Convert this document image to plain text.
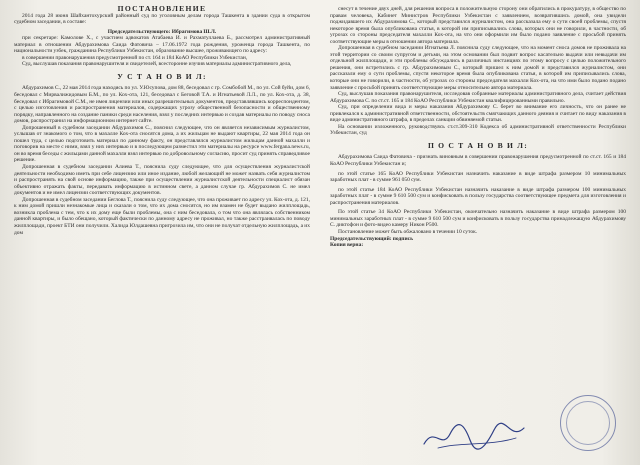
ПОСТАНОВЛЕНИЕ

2014 года 28 июня Шайхантохурский районный суд по уголовным делам города Ташкента в здании суда в открытом судебном заседании, в составе:

Председательствующего: Ибрагимова Ш.Л.

при секретаре: Камолове Х., с участием адвокатов Атабаева И. и Рахматуллаева Б., рассмотрел административный материал в отношении Абдурахимова Саида Фатовича – 17.06.1972 года рождения, уроженца города Ташкента, по национальности узбек, гражданина Республики Узбекистан, образование высшее, проживающего по адресу:

в совершении правонарушения предусмотренной по ст. 164 и 184 КоАО Республики Узбекистан,

Суд, выслушав показания правонарушителя и свидетелей, всесторонне изучив материалы административного дела,

У С Т А Н О В И Л:

Абдурахимов С., 22 мая 2014 года находясь по ул. У.Юсупова, дом 88, беседовал с гр. Сомбобой М., по ул. Сой буйи, дом 6, беседовал с Мирвалижидовым Б.М., по ул. Кох-ота, 121, беседовал с Беговой Т.А. и Игнатьевой Л.Л., по ул. Кох-ота, д. 38, беседовал с Ибрагимовой С.М., не имея лицензии или иных разрешительных документов, представлявшись корреспондентом, с целью изготовления и распространения материалов, содержащих угрозу общественной безопасности и общественному порядку, направленного на создание паники среди населения, взял у последних интервью и создав материалы по поводу сноса домов, распространил на информационном интернет сайте.

Допрошенный в судебном заседании Абдурахимов С., пояснил следующее, что он является независимым журналистом, услышав от знакомого о том, что в махалле Кох-ота сносятся дома, а их жильцам не выдают квартиры, 22 мая 2014 года он пошел туда, с целью подготовить материал по данному факту, он представлялся журналистом жильцам данной махалли и поговорив на месте с ними, взял у них интервью и в последующем разместил эти материалы на ресурсе www.fergana.news.ru, он во время беседы с жильцами данной махалли взял интервью по добровольному согласию, просит суд принять справедливое решение.

Допрошенная в судебном заседании Алиева Т., пояснила суду следующее, что для осуществления журналистской деятельности необходимо иметь при себе лицензию или иное издание, любой желающий не может назвать себя журналистом и распространять на свой основе информацию, также при осуществлении журналистской деятельности специалист обязан объективно отражать факты, передавать информацию в истинном свете, а данном случае гр. Абдурахимов С. не имел документов и не имел лицензии соответствующих документов.

Допрошенная в судебном заседании Беглова Т., пояснила суду следующее, что она проживает по адресу ул. Кох-ота, д. 121, к ним домой пришли незнакомые лица и сказали о том, что их дома сносятся, но им взамен не будет выдано жилплощадь, возникла проблема с тем, что к их дому еще были проблемы, она с ним беседовала, о том что она являлась собственником данной квартиры, и было обещано, который фактически по данному адресу не проживал, но также расстраивалась по поводу жилплощади, проект БТИ они получили. Халида Юлдашевна пригрозила им, что они не получат отдельную жилплощадь, а их дом

снесут в течение двух дней, для решения вопроса в положительную сторону они обратились в прокуратуру, в общество по правам человека, Кабинет Министров Республики Узбекистан с заявлением, возвратившись домой, она увидели поджидавшего их Абдурахимова С., который представился журналистом, она рассказала ему о сути своей проблемы, спустя некоторое время была опубликована статья, в которой им приписывались слова, которых они не говорили, в частности, об угрозах со стороны председателя махалли Кох-ота, на что они оформили им было подано заявление с просьбой принять соответствующие меры в отношении автора материала.

Допрошенная в судебном заседании Игнатьева Л. пояснила суду следующее, что на момент сноса домов не проживала на этой территории со своим супругом и детьми, на этом основании был подвит вопрос касательно выдачи или невыдачи им отдельной жилплощади, и эти проблемы обсуждались в различных инстанциях по этому вопросу с целью положительного решения, они встретились с гр. Абдурахимовым С., который пришел к ним домой и представился журналистом, они рассказали ему о сути проблемы, спустя некоторое время была опубликована статья, в которой им приписывались слова, которые они не говорили, в частности, об угрозах со стороны председателя махалли Кох-ота, на что ими было подано подано заявление с просьбой принять соответствующие меры относительно автора материала.

Суд, выслушав показания правонарушителя, исследовав собранные материалы административного дела, считает действия Абдурахимова С. по ст.ст. 165 и 184 КоАО Республики Узбекистан квалифицированными правильно.

Суд, при определении вида и меры наказания Абдурахимову С. берет во внимание его личность, что он ранее не привлекался к административной ответственности, обстоятельств смягчающих данного деяния и считает по виду наказания в виде административного штрафа, в пределах санкции обвиняемой статьи.

На основании изложенного, руководствуясь ст.ст.309-310 Кодекса об административной ответственности Республики Узбекистан, суд

П О С Т А Н О В И Л:

Абдурахимова Саида Фатовича - признать виновным в совершении правонарушения предусмотренной по ст.ст. 165 и 184 КоАО Республики Узбекистан и;

по этой статье 165 КоАО Республики Узбекистан назначить наказание в виде штрафа размером 10 минимальных заработных плат - в сумме 961 050 сум.

по этой статье 184 КоАО Республики Узбекистан назначить наказание в виде штрафа размером 100 минимальных заработных плат - в сумме 9 610 500 сум и конфисковать в пользу государства соответствующее предмета для изготовления и распространения материалов.

По этой статье 34 КоАО Республики Узбекистан, окончательно назначить наказание в виде штрафа размером 100 минимальных заработных плат - в сумме 9 610 500 сум и конфисковать в пользу государства принадлежащую Абдурахимову С. диктофон и фото-видео камеру Никон Р500.

Постановление может быть обжаловано в течении 10 суток.

Председательствующий: подпись

Копия верна:
